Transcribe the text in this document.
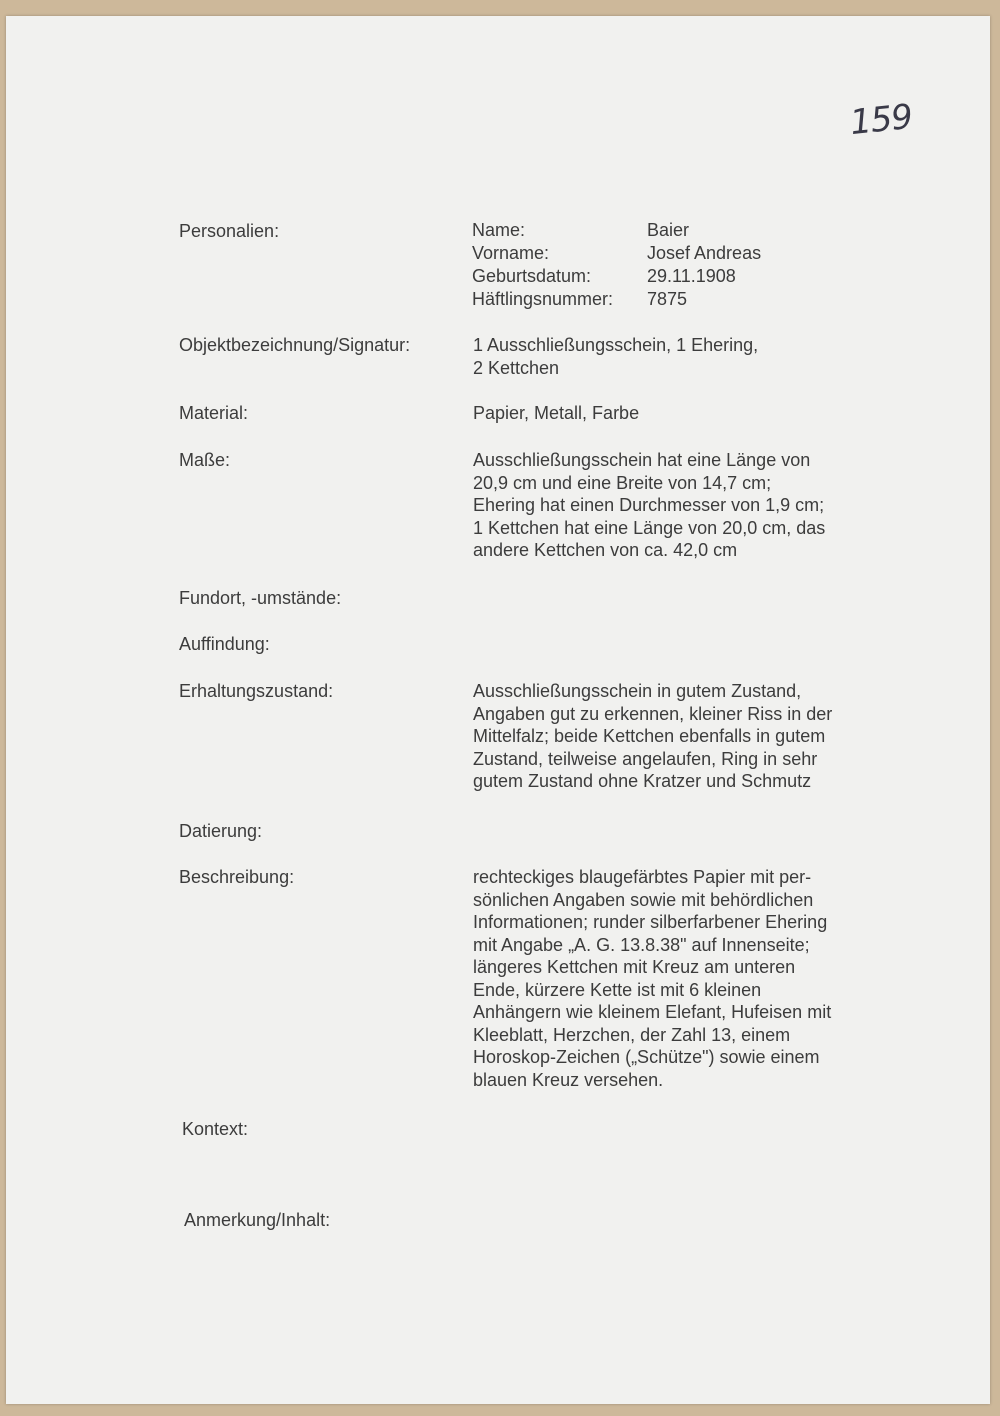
159
Personalien:	Name:	Baier
Vorname:	Josef Andreas
Geburtsdatum:	29.11.1908
Häftlingsnummer: 7875
Objektbezeichnung/Signatur:	1 Ausschließungsschein, 1 Ehering,
2 Kettchen
Material:	Papier, Metall, Farbe
Maße:	Ausschließungsschein hat eine Länge von
20,9 cm und eine Breite von 14,7 cm;
Ehering hat einen Durchmesser von 1,9 cm;
1 Kettchen hat eine Länge von 20,0 cm, das
andere Kettchen von ca. 42,0 cm
Fundort, -umstände:
Auffindung:
Erhaltungszustand:	Ausschließungsschein in gutem Zustand,
Angaben gut zu erkennen, kleiner Riss in der
Mittelfalz; beide Kettchen ebenfalls in gutem
Zustand, teilweise angelaufen, Ring in sehr
gutem Zustand ohne Kratzer und Schmutz
Datierung:
Beschreibung:	rechteckiges blaugefärbtes Papier mit per-
sönlichen Angaben sowie mit behördlichen
Informationen; runder silberfarbener Ehering
mit Angabe „A. G. 13.8.38" auf Innenseite;
längeres Kettchen mit Kreuz am unteren
Ende, kürzere Kette ist mit 6 kleinen
Anhängern wie kleinem Elefant, Hufeisen mit
Kleeblatt, Herzchen, der Zahl 13, einem
Horoskop-Zeichen („Schütze") sowie einem
blauen Kreuz versehen.
Kontext:
Anmerkung/Inhalt:
